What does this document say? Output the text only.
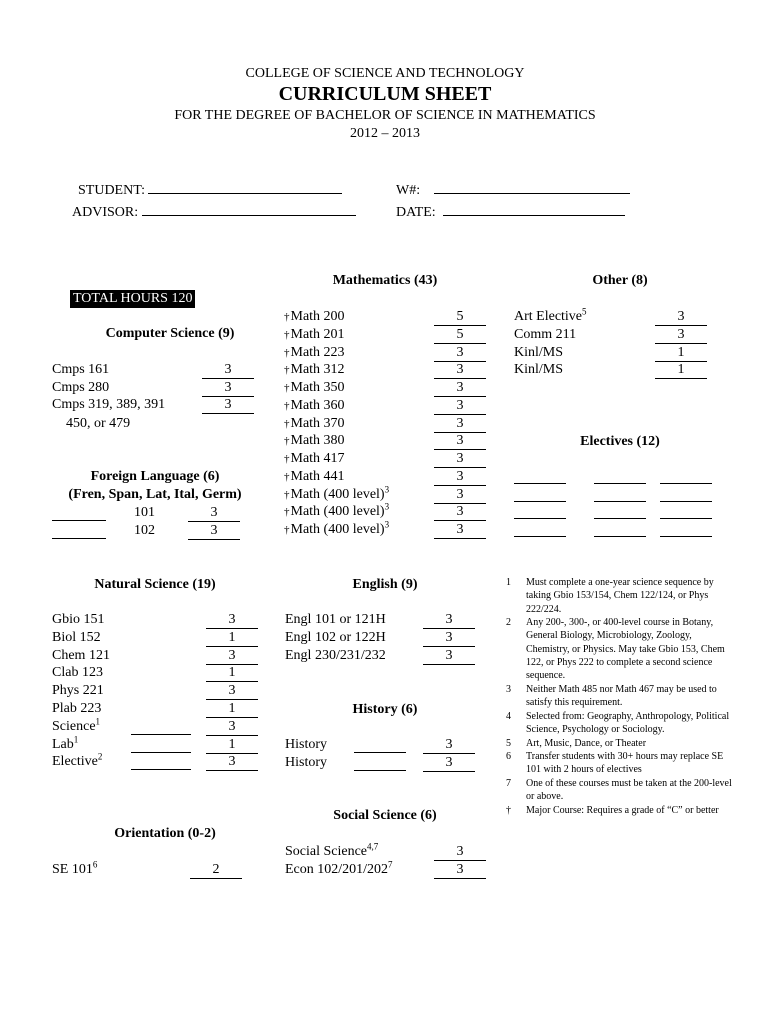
COLLEGE OF SCIENCE AND TECHNOLOGY
CURRICULUM SHEET
FOR THE DEGREE OF BACHELOR OF SCIENCE IN MATHEMATICS
2012 – 2013
STUDENT:
ADVISOR:
W#:
DATE:
TOTAL HOURS 120
Computer Science (9)
Cmps 161	3
Cmps 280	3
Cmps 319, 389, 391	3
450, or 479
Foreign Language (6)
(Fren, Span, Lat, Ital, Germ)
101	3
102	3
Mathematics (43)
†Math 200	5
†Math 201	5
†Math 223	3
†Math 312	3
†Math 350	3
†Math 360	3
†Math 370	3
†Math 380	3
†Math 417	3
†Math 441	3
†Math (400 level)$^3$	3
†Math (400 level)$^3$	3
†Math (400 level)$^3$	3
Other (8)
Art Elective$^5$	3
Comm 211	3
Kinl/MS	1
Kinl/MS	1
Electives (12)
Natural Science (19)
Gbio 151	3
Biol 152	1
Chem 121	3
Clab 123	1
Phys 221	3
Plab 223	1
Science$^1$	3
Lab$^1$	1
Elective$^2$	3
English (9)
Engl 101 or 121H	3
Engl 102 or 122H	3
Engl 230/231/232	3
History (6)
History	3
History	3
Social Science (6)
Social Science$^{4,7}$	3
Econ $102/201/202^7$	3
Orientation (0-2)
SE $101^6$	2
1 Must complete a one-year science sequence by taking Gbio 153/154, Chem 122/124, or Phys 222/224.
2 Any 200-, 300-, or 400-level course in Botany, General Biology, Microbiology, Zoology, Chemistry, or Physics. May take Gbio 153, Chem 122, or Phys 222 to complete a second science sequence.
3 Neither Math 485 nor Math 467 may be used to satisfy this requirement.
4 Selected from: Geography, Anthropology, Political Science, Psychology or Sociology.
5 Art, Music, Dance, or Theater
6 Transfer students with 30+ hours may replace SE 101 with 2 hours of electives
7 One of these courses must be taken at the 200-level or above.
† Major Course: Requires a grade of “C” or better
